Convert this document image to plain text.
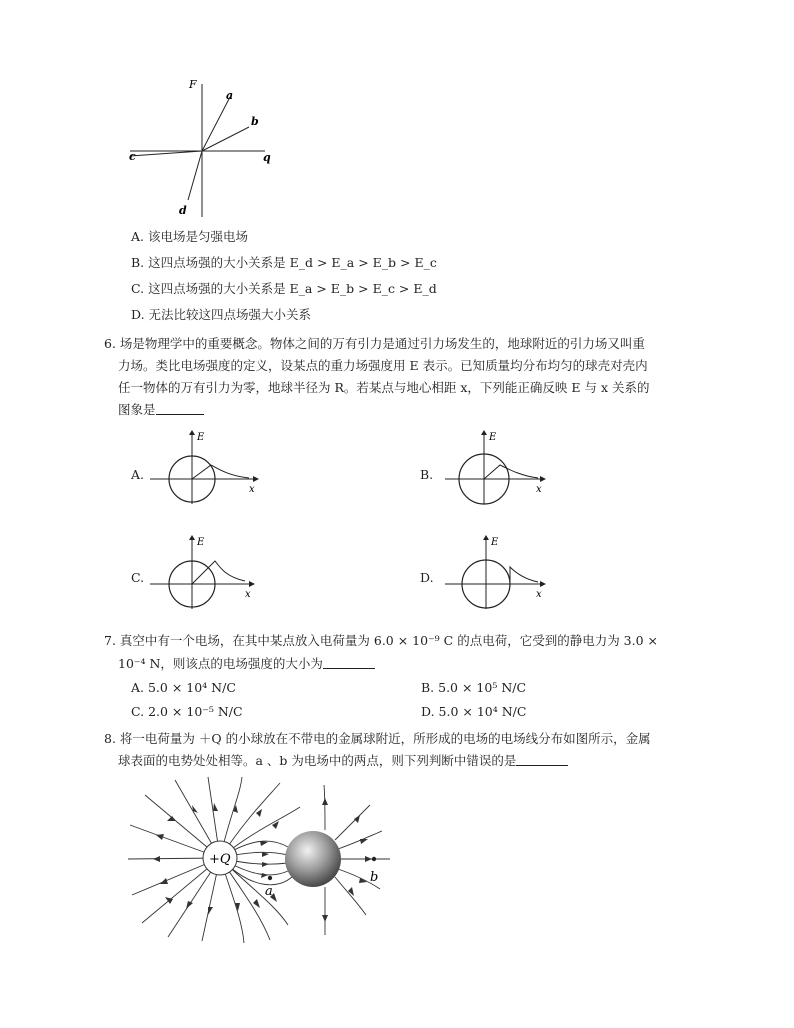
F
q
a
b
c
d
A. 该电场是匀强电场
B. 这四点场强的大小关系是 E_d > E_a > E_b > E_c
C. 这四点场强的大小关系是 E_a > E_b > E_c > E_d
D. 无法比较这四点场强大小关系
6. 场是物理学中的重要概念。物体之间的万有引力是通过引力场发生的，地球附近的引力场又叫重
力场。类比电场强度的定义，设某点的重力场强度用 E 表示。已知质量均分布均匀的球壳对壳内
任一物体的万有引力为零，地球半径为 R。若某点与地心相距 x，下列能正确反映 E 与 x 关系的
图象是
A.
E
x
B.
E
x
C.
E
x
D.
E
x
7. 真空中有一个电场，在其中某点放入电荷量为 6.0 × 10⁻⁹ C 的点电荷，它受到的静电力为 3.0 ×
10⁻⁴ N，则该点的电场强度的大小为
A. 5.0 × 10⁴ N/C	B. 5.0 × 10⁵ N/C
C. 2.0 × 10⁻⁵ N/C	D. 5.0 × 10⁴ N/C
8. 将一电荷量为 ＋Q 的小球放在不带电的金属球附近，所形成的电场的电场线分布如图所示，金属
球表面的电势处处相等。a 、b 为电场中的两点，则下列判断中错误的是
+Q
a
b
